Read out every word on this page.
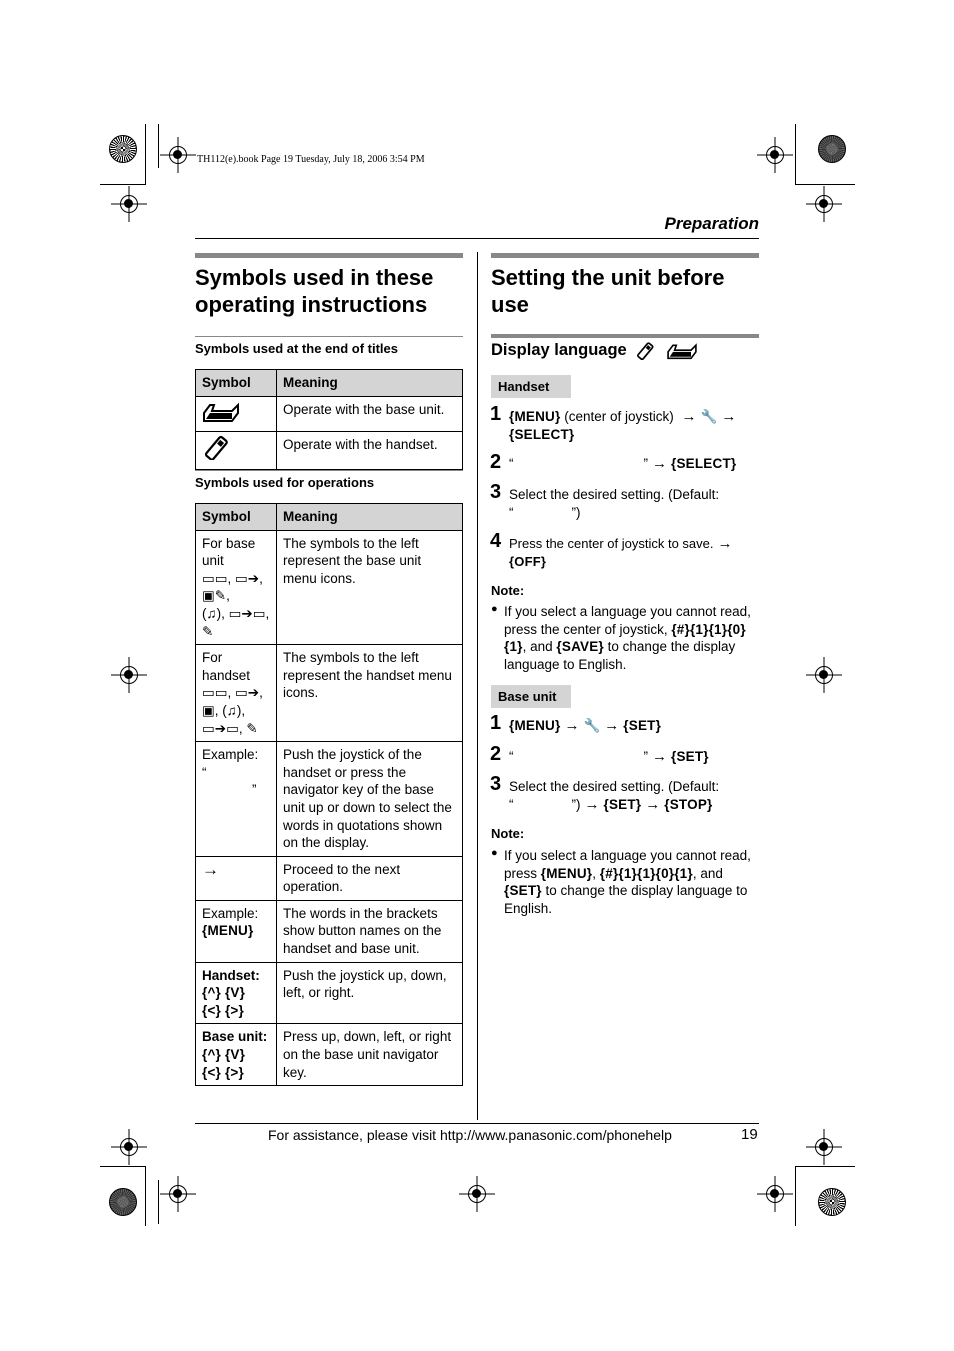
TH112(e).book Page 19 Tuesday, July 18, 2006 3:54 PM
Preparation
Symbols used in these
operating instructions
Symbols used at the end of titles
Symbol	Meaning
	Operate with the base unit.
	Operate with the handset.
Symbols used for operations
Symbol	Meaning
For base unit
▭▭, ▭➔,
▣✎,
(♫), ▭➔▭,
✎	The symbols to the left represent the base unit menu icons.
For handset
▭▭, ▭➔,
▣, (♫),
▭➔▭, ✎	The symbols to the left represent the handset menu icons.
Example:
“
”	Push the joystick of the handset or press the navigator key of the base unit up or down to select the words in quotations shown on the display.
→	Proceed to the next operation.
Example:
{MENU}	The words in the brackets show button names on the handset and base unit.
Handset:
{^} {V}
{<} {>}	Push the joystick up, down, left, or right.
Base unit:
{^} {V}
{<} {>}	Press up, down, left, or right on the base unit navigator key.
Setting the unit before
use
Display language
Handset
1 {MENU} (center of joystick) → 🔧 →
{SELECT}
2 “	” → {SELECT}
3 Select the desired setting. (Default:
“	”)
4 Press the center of joystick to save. →
{OFF}
Note:
● If you select a language you cannot read, press the center of joystick, {#}{1}{1}{0}{1}, and {SAVE} to change the display language to English.
Base unit
1 {MENU} → 🔧 → {SET}
2 “	” → {SET}
3 Select the desired setting. (Default:
“	”) → {SET} → {STOP}
Note:
● If you select a language you cannot read, press {MENU}, {#}{1}{1}{0}{1}, and {SET} to change the display language to English.
For assistance, please visit http://www.panasonic.com/phonehelp	19
